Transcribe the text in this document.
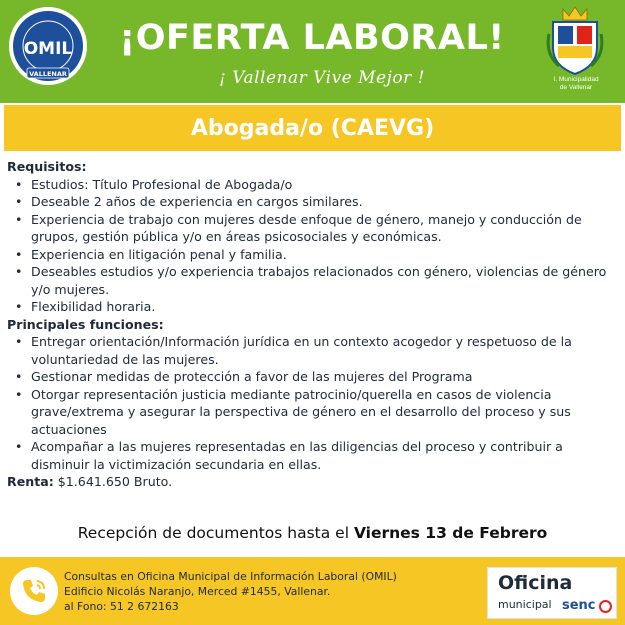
OMIL
VALLENAR
¡OFERTA LABORAL!
¡ Vallenar Vive Mejor !	I. Municipalidad
de Vallenar
Abogada/o (CAEVG)
Requisitos:
• Estudios: Título Profesional de Abogada/o
• Deseable 2 años de experiencia en cargos similares.
• Experiencia de trabajo con mujeres desde enfoque de género, manejo y conducción de grupos, gestión pública y/o en áreas psicosociales y económicas.
• Experiencia en litigación penal y familia.
• Deseables estudios y/o experiencia trabajos relacionados con género, violencias de género y/o mujeres.
• Flexibilidad horaria.
Principales funciones:
• Entregar orientación/Información jurídica en un contexto acogedor y respetuoso de la voluntariedad de las mujeres.
• Gestionar medidas de protección a favor de las mujeres del Programa
• Otorgar representación justicia mediante patrocinio/querella en casos de violencia grave/extrema y asegurar la perspectiva de género en el desarrollo del proceso y sus actuaciones
• Acompañar a las mujeres representadas en las diligencias del proceso y contribuir a disminuir la victimización secundaria en ellas.
Renta: $1.641.650 Bruto.
Recepción de documentos hasta el Viernes 13 de Febrero
Consultas en Oficina Municipal de Información Laboral (OMIL)
Edificio Nicolás Naranjo, Merced #1455, Vallenar.
al Fono: 51 2 672163
Oficina
municipal senc
